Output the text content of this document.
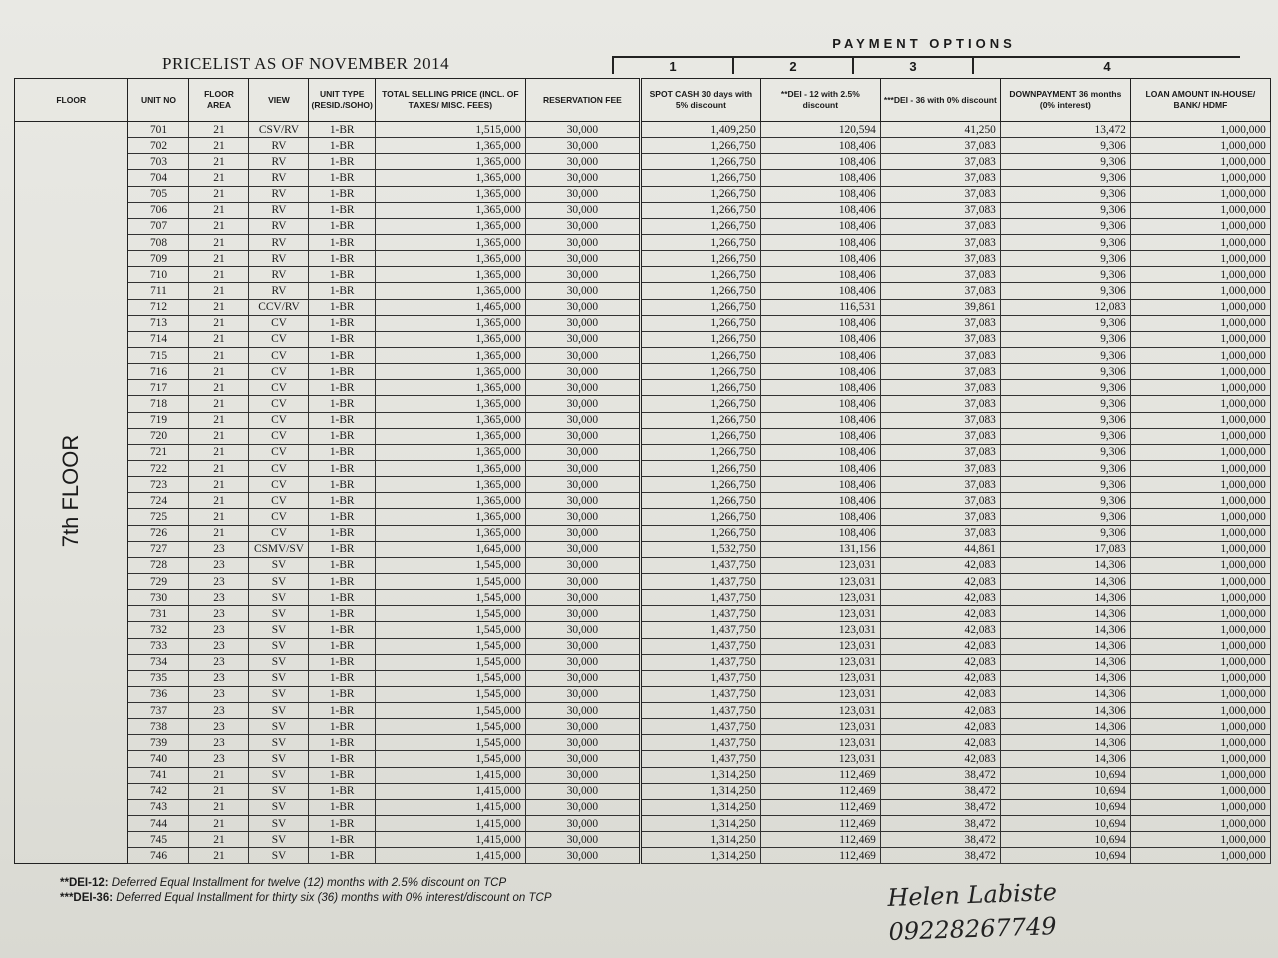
PRICELIST AS OF NOVEMBER 2014
PAYMENT OPTIONS
1	2	3	4
FLOOR	UNIT NO	FLOOR AREA	VIEW	UNIT TYPE (RESID./SOHO)	TOTAL SELLING PRICE (INCL. OF TAXES/ MISC. FEES)	RESERVATION FEE	SPOT CASH 30 days with 5% discount	**DEI - 12 with 2.5% discount	***DEI - 36 with 0% discount	DOWNPAYMENT 36 months (0% interest)	LOAN AMOUNT IN-HOUSE/ BANK/ HDMF
7th FLOOR	701	21	CSV/RV	1-BR	1,515,000	30,000	1,409,250	120,594	41,250	13,472	1,000,000
	702	21	RV	1-BR	1,365,000	30,000	1,266,750	108,406	37,083	9,306	1,000,000
	703	21	RV	1-BR	1,365,000	30,000	1,266,750	108,406	37,083	9,306	1,000,000
	704	21	RV	1-BR	1,365,000	30,000	1,266,750	108,406	37,083	9,306	1,000,000
	705	21	RV	1-BR	1,365,000	30,000	1,266,750	108,406	37,083	9,306	1,000,000
	706	21	RV	1-BR	1,365,000	30,000	1,266,750	108,406	37,083	9,306	1,000,000
	707	21	RV	1-BR	1,365,000	30,000	1,266,750	108,406	37,083	9,306	1,000,000
	708	21	RV	1-BR	1,365,000	30,000	1,266,750	108,406	37,083	9,306	1,000,000
	709	21	RV	1-BR	1,365,000	30,000	1,266,750	108,406	37,083	9,306	1,000,000
	710	21	RV	1-BR	1,365,000	30,000	1,266,750	108,406	37,083	9,306	1,000,000
	711	21	RV	1-BR	1,365,000	30,000	1,266,750	108,406	37,083	9,306	1,000,000
	712	21	CCV/RV	1-BR	1,465,000	30,000	1,266,750	116,531	39,861	12,083	1,000,000
	713	21	CV	1-BR	1,365,000	30,000	1,266,750	108,406	37,083	9,306	1,000,000
	714	21	CV	1-BR	1,365,000	30,000	1,266,750	108,406	37,083	9,306	1,000,000
	715	21	CV	1-BR	1,365,000	30,000	1,266,750	108,406	37,083	9,306	1,000,000
	716	21	CV	1-BR	1,365,000	30,000	1,266,750	108,406	37,083	9,306	1,000,000
	717	21	CV	1-BR	1,365,000	30,000	1,266,750	108,406	37,083	9,306	1,000,000
	718	21	CV	1-BR	1,365,000	30,000	1,266,750	108,406	37,083	9,306	1,000,000
	719	21	CV	1-BR	1,365,000	30,000	1,266,750	108,406	37,083	9,306	1,000,000
	720	21	CV	1-BR	1,365,000	30,000	1,266,750	108,406	37,083	9,306	1,000,000
	721	21	CV	1-BR	1,365,000	30,000	1,266,750	108,406	37,083	9,306	1,000,000
	722	21	CV	1-BR	1,365,000	30,000	1,266,750	108,406	37,083	9,306	1,000,000
	723	21	CV	1-BR	1,365,000	30,000	1,266,750	108,406	37,083	9,306	1,000,000
	724	21	CV	1-BR	1,365,000	30,000	1,266,750	108,406	37,083	9,306	1,000,000
	725	21	CV	1-BR	1,365,000	30,000	1,266,750	108,406	37,083	9,306	1,000,000
	726	21	CV	1-BR	1,365,000	30,000	1,266,750	108,406	37,083	9,306	1,000,000
	727	23	CSMV/SV	1-BR	1,645,000	30,000	1,532,750	131,156	44,861	17,083	1,000,000
	728	23	SV	1-BR	1,545,000	30,000	1,437,750	123,031	42,083	14,306	1,000,000
	729	23	SV	1-BR	1,545,000	30,000	1,437,750	123,031	42,083	14,306	1,000,000
	730	23	SV	1-BR	1,545,000	30,000	1,437,750	123,031	42,083	14,306	1,000,000
	731	23	SV	1-BR	1,545,000	30,000	1,437,750	123,031	42,083	14,306	1,000,000
	732	23	SV	1-BR	1,545,000	30,000	1,437,750	123,031	42,083	14,306	1,000,000
	733	23	SV	1-BR	1,545,000	30,000	1,437,750	123,031	42,083	14,306	1,000,000
	734	23	SV	1-BR	1,545,000	30,000	1,437,750	123,031	42,083	14,306	1,000,000
	735	23	SV	1-BR	1,545,000	30,000	1,437,750	123,031	42,083	14,306	1,000,000
	736	23	SV	1-BR	1,545,000	30,000	1,437,750	123,031	42,083	14,306	1,000,000
	737	23	SV	1-BR	1,545,000	30,000	1,437,750	123,031	42,083	14,306	1,000,000
	738	23	SV	1-BR	1,545,000	30,000	1,437,750	123,031	42,083	14,306	1,000,000
	739	23	SV	1-BR	1,545,000	30,000	1,437,750	123,031	42,083	14,306	1,000,000
	740	23	SV	1-BR	1,545,000	30,000	1,437,750	123,031	42,083	14,306	1,000,000
	741	21	SV	1-BR	1,415,000	30,000	1,314,250	112,469	38,472	10,694	1,000,000
	742	21	SV	1-BR	1,415,000	30,000	1,314,250	112,469	38,472	10,694	1,000,000
	743	21	SV	1-BR	1,415,000	30,000	1,314,250	112,469	38,472	10,694	1,000,000
	744	21	SV	1-BR	1,415,000	30,000	1,314,250	112,469	38,472	10,694	1,000,000
	745	21	SV	1-BR	1,415,000	30,000	1,314,250	112,469	38,472	10,694	1,000,000
	746	21	SV	1-BR	1,415,000	30,000	1,314,250	112,469	38,472	10,694	1,000,000
**DEI-12: Deferred Equal Installment for twelve (12) months with 2.5% discount on TCP
***DEI-36: Deferred Equal Installment for thirty six (36) months with 0% interest/discount on TCP	Helen Labiste
09228267749
